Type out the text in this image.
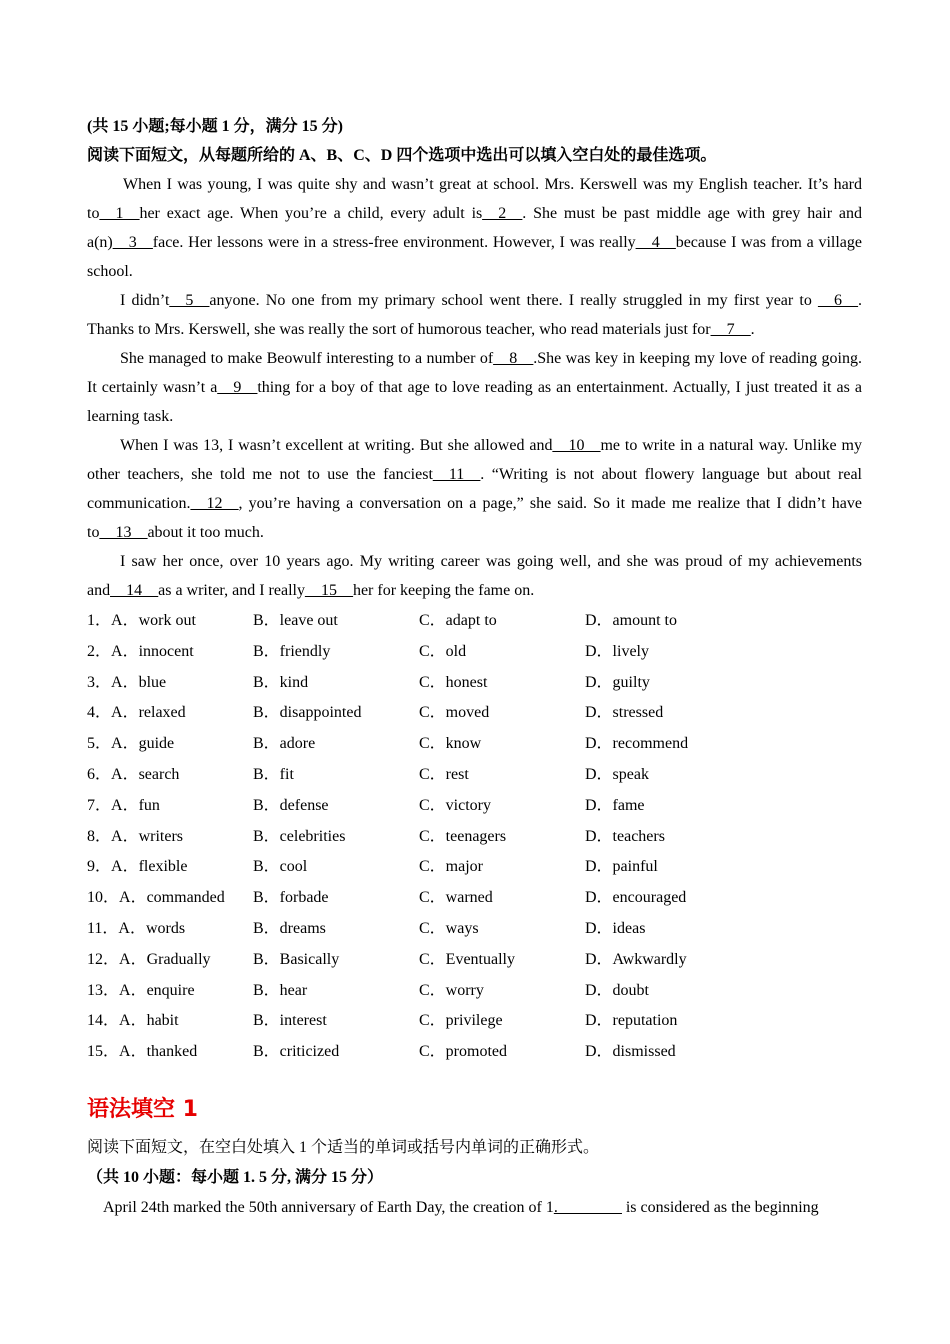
(共 15 小题;每小题 1 分，满分 15 分)

阅读下面短文，从每题所给的 A、B、C、D 四个选项中选出可以填入空白处的最佳选项。

When I was young, I was quite shy and wasn’t great at school. Mrs. Kerswell was my English teacher. It’s hard to__1__her exact age. When you’re a child, every adult is__2__. She must be past middle age with grey hair and a(n)__3__face. Her lessons were in a stress-free environment. However, I was really__4__because I was from a village school.

I didn’t__5__anyone. No one from my primary school went there. I really struggled in my first year to __6__. Thanks to Mrs. Kerswell, she was really the sort of humorous teacher, who read materials just for__7__.

She managed to make Beowulf interesting to a number of__8__.She was key in keeping my love of reading going. It certainly wasn’t a__9__thing for a boy of that age to love reading as an entertainment. Actually, I just treated it as a learning task.

When I was 13, I wasn’t excellent at writing. But she allowed and__10__me to write in a natural way. Unlike my other teachers, she told me not to use the fanciest__11__. “Writing is not about flowery language but about real communication.__12__, you’re having a conversation on a page,” she said. So it made me realize that I didn’t have to__13__about it too much.

I saw her once, over 10 years ago. My writing career was going well, and she was proud of my achievements and__14__as a writer, and I really__15__her for keeping the fame on.

1．A．work out	B．leave out	C．adapt to	D．amount to
2．A．innocent	B．friendly	C．old	D．lively
3．A．blue	B．kind	C．honest	D．guilty
4．A．relaxed	B．disappointed	C．moved	D．stressed
5．A．guide	B．adore	C．know	D．recommend
6．A．search	B．fit	C．rest	D．speak
7．A．fun	B．defense	C．victory	D．fame
8．A．writers	B．celebrities	C．teenagers	D．teachers
9．A．flexible	B．cool	C．major	D．painful
10．A．commanded	B．forbade	C．warned	D．encouraged
11．A．words	B．dreams	C．ways	D．ideas
12．A．Gradually	B．Basically	C．Eventually	D．Awkwardly
13．A．enquire	B．hear	C．worry	D．doubt
14．A．habit	B．interest	C．privilege	D．reputation
15．A．thanked	B．criticized	C．promoted	D．dismissed
语法填空 1

阅读下面短文，在空白处填入 1 个适当的单词或括号内单词的正确形式。

（共 10 小题：每小题 1. 5 分, 满分 15 分）

April 24th marked the 50th anniversary of Earth Day, the creation of 1.________ is considered as the beginning
